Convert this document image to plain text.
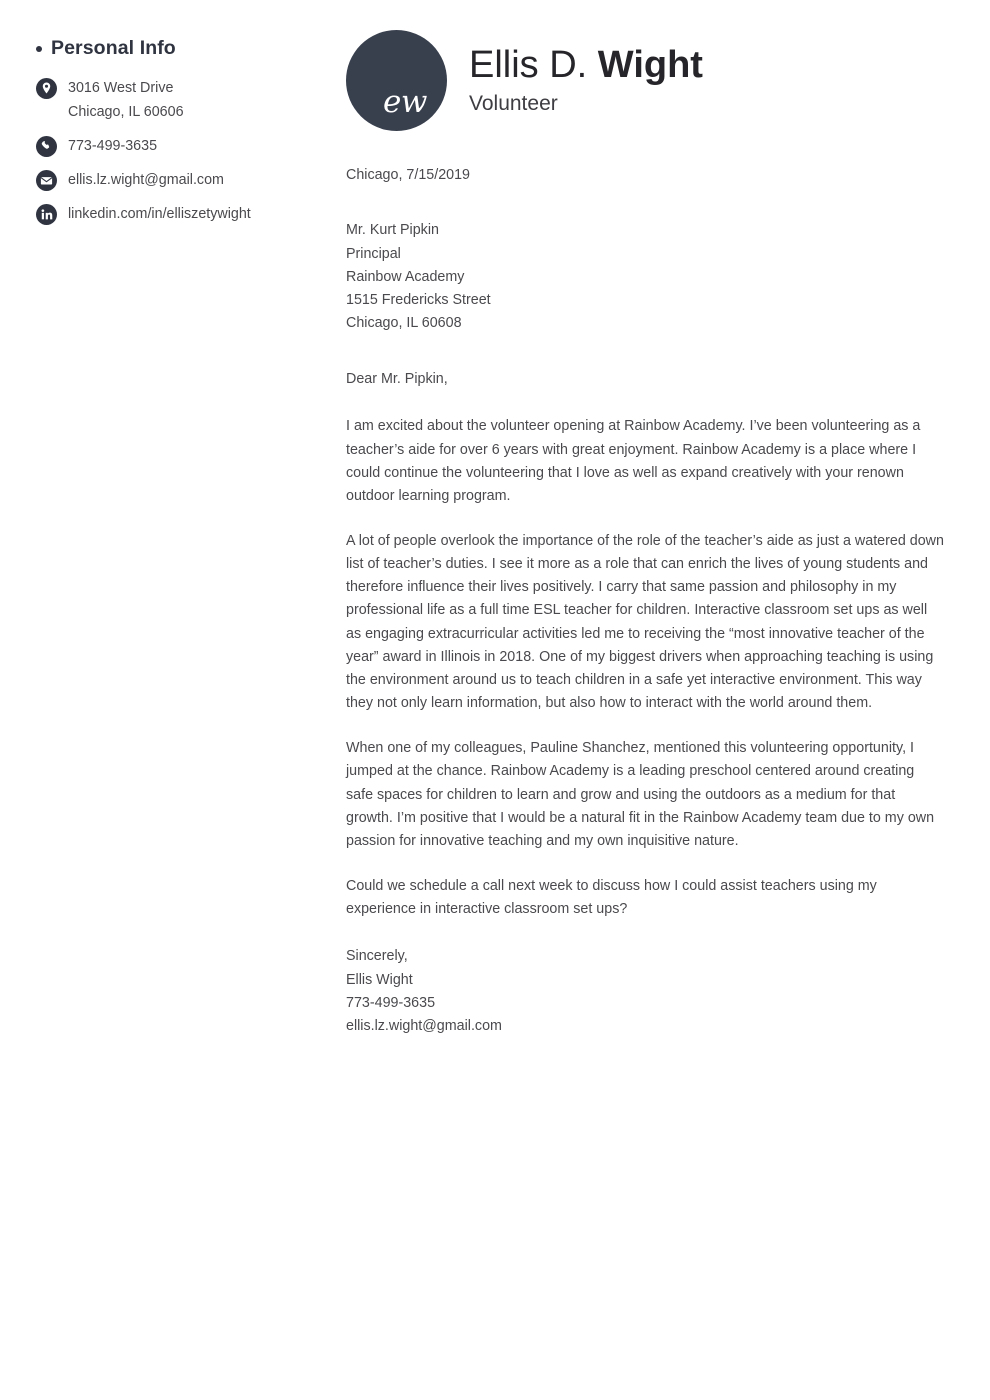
Personal Info
3016 West Drive
Chicago, IL 60606
773-499-3635
ellis.lz.wight@gmail.com
linkedin.com/in/elliszetywight
ew
Ellis D. Wight
Volunteer
Chicago, 7/15/2019
Mr. Kurt Pipkin
Principal
Rainbow Academy
1515 Fredericks Street
Chicago, IL 60608
Dear Mr. Pipkin,

I am excited about the volunteer opening at Rainbow Academy. I’ve been volunteering as a teacher’s aide for over 6 years with great enjoyment. Rainbow Academy is a place where I could continue the volunteering that I love as well as expand creatively with your renown outdoor learning program.

A lot of people overlook the importance of the role of the teacher’s aide as just a watered down list of teacher’s duties. I see it more as a role that can enrich the lives of young students and therefore influence their lives positively. I carry that same passion and philosophy in my professional life as a full time ESL teacher for children. Interactive classroom set ups as well as engaging extracurricular activities led me to receiving the “most innovative teacher of the year” award in Illinois in 2018. One of my biggest drivers when approaching teaching is using the environment around us to teach children in a safe yet interactive environment. This way they not only learn information, but also how to interact with the world around them.

When one of my colleagues, Pauline Shanchez, mentioned this volunteering opportunity, I jumped at the chance. Rainbow Academy is a leading preschool centered around creating safe spaces for children to learn and grow and using the outdoors as a medium for that growth. I’m positive that I would be a natural fit in the Rainbow Academy team due to my own passion for innovative teaching and my own inquisitive nature.

Could we schedule a call next week to discuss how I could assist teachers using my experience in interactive classroom set ups?

Sincerely,
Ellis Wight
773-499-3635
ellis.lz.wight@gmail.com
